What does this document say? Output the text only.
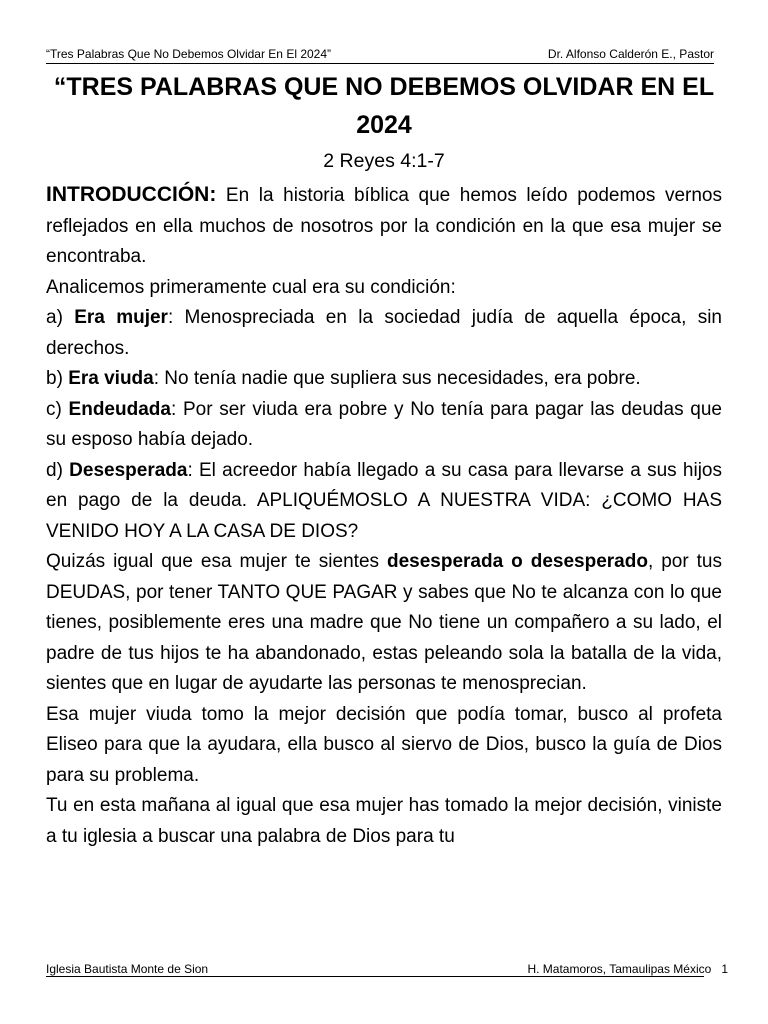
“Tres Palabras Que No Debemos Olvidar En El 2024”	Dr. Alfonso Calderón E., Pastor
“TRES PALABRAS QUE NO DEBEMOS OLVIDAR EN EL 2024

2 Reyes 4:1-7

INTRODUCCIÓN: En la historia bíblica que hemos leído podemos vernos reflejados en ella muchos de nosotros por la condición en la que esa mujer se encontraba.

Analicemos primeramente cual era su condición:

a) Era mujer: Menospreciada en la sociedad judía de aquella época, sin derechos.

b) Era viuda: No tenía nadie que supliera sus necesidades, era pobre.

c) Endeudada: Por ser viuda era pobre y No tenía para pagar las deudas que su esposo había dejado.

d) Desesperada: El acreedor había llegado a su casa para llevarse a sus hijos en pago de la deuda. APLIQUÉMOSLO A NUESTRA VIDA: ¿COMO HAS VENIDO HOY A LA CASA DE DIOS?

Quizás igual que esa mujer te sientes desesperada o desesperado, por tus DEUDAS, por tener TANTO QUE PAGAR y sabes que No te alcanza con lo que tienes, posiblemente eres una madre que No tiene un compañero a su lado, el padre de tus hijos te ha abandonado, estas peleando sola la batalla de la vida, sientes que en lugar de ayudarte las personas te menosprecian.

Esa mujer viuda tomo la mejor decisión que podía tomar, busco al profeta Eliseo para que la ayudara, ella busco al siervo de Dios, busco la guía de Dios para su problema.

Tu en esta mañana al igual que esa mujer has tomado la mejor decisión, viniste a tu iglesia a buscar una palabra de Dios para tu

Iglesia Bautista Monte de Sion	H. Matamoros, Tamaulipas México 1
